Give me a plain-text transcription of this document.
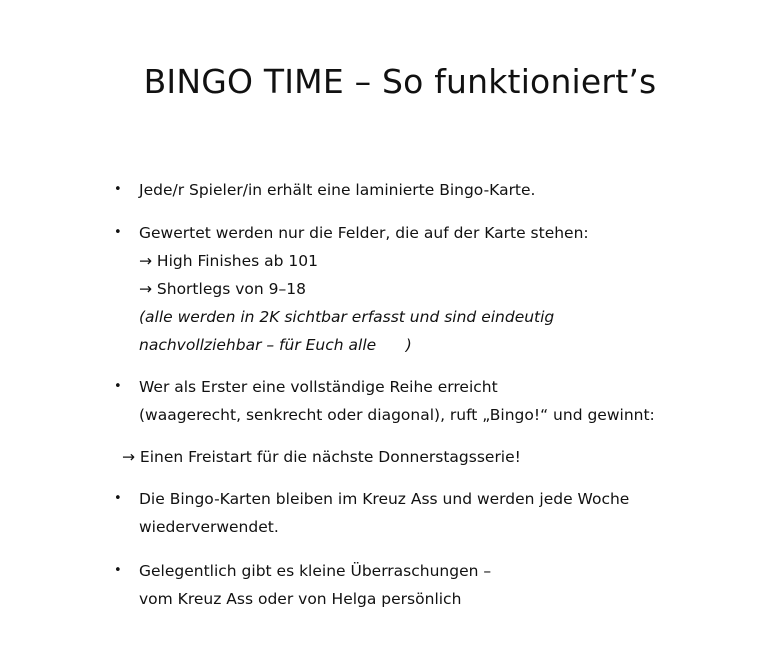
BINGO TIME – So funktioniert’s
• Jede/r Spieler/in erhält eine laminierte Bingo-Karte.
• Gewertet werden nur die Felder, die auf der Karte stehen:
→ High Finishes ab 101
→ Shortlegs von 9–18
(alle werden in 2K sichtbar erfasst und sind eindeutig
nachvollziehbar – für Euch alle      )
• Wer als Erster eine vollständige Reihe erreicht
(waagerecht, senkrecht oder diagonal), ruft „Bingo!“ und gewinnt:
→ Einen Freistart für die nächste Donnerstagsserie!
• Die Bingo-Karten bleiben im Kreuz Ass und werden jede Woche
wiederverwendet.
• Gelegentlich gibt es kleine Überraschungen –
vom Kreuz Ass oder von Helga persönlich
